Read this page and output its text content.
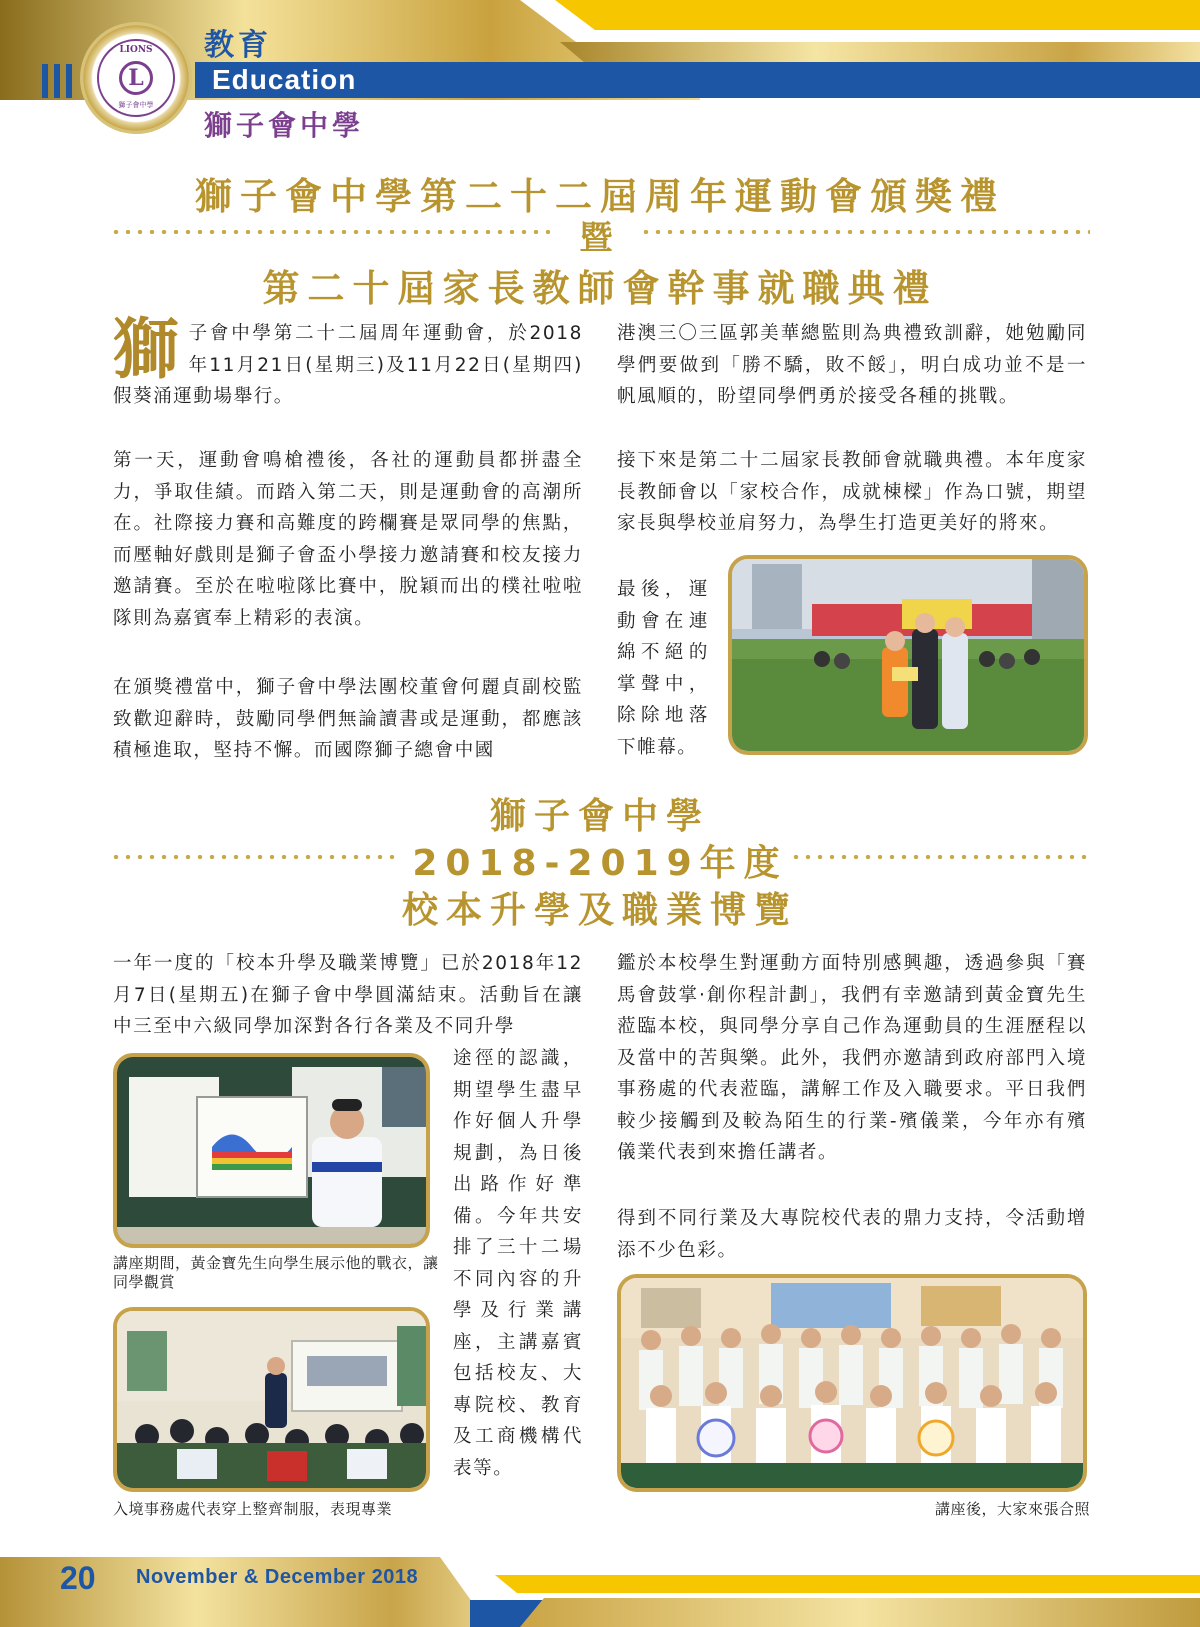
LIONS
L
獅子會中學
教育
Education
獅子會中學
獅子會中學第二十二屆周年運動會頒獎禮
暨
第二十屆家長教師會幹事就職典禮
獅子會中學第二十二屆周年運動會，於2018年11月21日(星期三)及11月22日(星期四)假葵涌運動場舉行。
第一天，運動會鳴槍禮後，各社的運動員都拼盡全力，爭取佳績。而踏入第二天，則是運動會的高潮所在。社際接力賽和高難度的跨欄賽是眾同學的焦點，而壓軸好戲則是獅子會盃小學接力邀請賽和校友接力邀請賽。至於在啦啦隊比賽中，脫穎而出的樸社啦啦隊則為嘉賓奉上精彩的表演。
在頒獎禮當中，獅子會中學法團校董會何麗貞副校監致歡迎辭時，鼓勵同學們無論讀書或是運動，都應該積極進取，堅持不懈。而國際獅子總會中國
港澳三〇三區郭美華總監則為典禮致訓辭，她勉勵同學們要做到「勝不驕，敗不餒」，明白成功並不是一帆風順的，盼望同學們勇於接受各種的挑戰。
接下來是第二十二屆家長教師會就職典禮。本年度家長教師會以「家校合作，成就棟樑」作為口號，期望家長與學校並肩努力，為學生打造更美好的將來。
最後，運動會在連綿不絕的掌聲中，除除地落下帷幕。
獅子會中學
2018-2019年度
校本升學及職業博覽
一年一度的「校本升學及職業博覽」已於2018年12月7日(星期五)在獅子會中學圓滿結束。活動旨在讓中三至中六級同學加深對各行各業及不同升學
途徑的認識，期望學生盡早作好個人升學規劃，為日後出路作好準備。今年共安排了三十二場不同內容的升學及行業講座，主講嘉賓包括校友、大專院校、教育及工商機構代表等。
鑑於本校學生對運動方面特別感興趣，透過參與「賽馬會鼓掌‧創你程計劃」，我們有幸邀請到黃金寶先生蒞臨本校，與同學分享自己作為運動員的生涯歷程以及當中的苦與樂。此外，我們亦邀請到政府部門入境事務處的代表蒞臨，講解工作及入職要求。平日我們較少接觸到及較為陌生的行業-殯儀業，今年亦有殯儀業代表到來擔任講者。
得到不同行業及大專院校代表的鼎力支持，令活動增添不少色彩。
講座期間，黃金寶先生向學生展示他的戰衣，讓同學觀賞
入境事務處代表穿上整齊制服，表現專業	講座後，大家來張合照
20 November & December 2018
